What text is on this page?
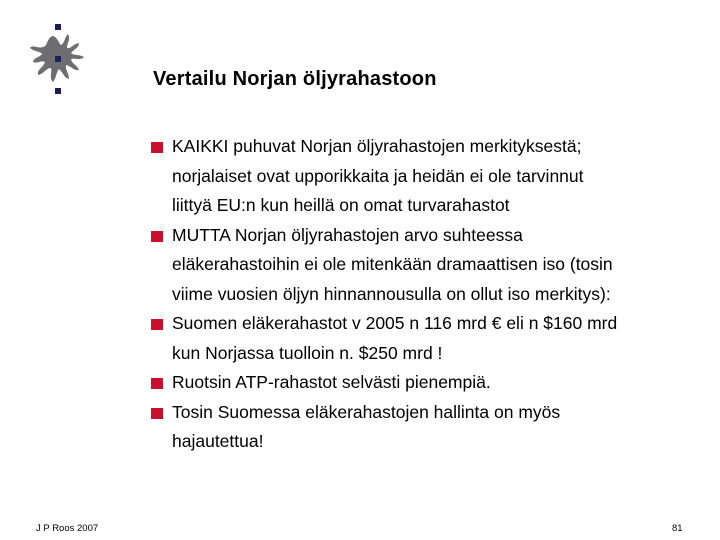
Vertailu Norjan öljyrahastoon
KAIKKI puhuvat Norjan öljyrahastojen merkityksestä;
norjalaiset ovat upporikkaita ja heidän ei ole tarvinnut
liittyä EU:n kun heillä on omat turvarahastot
MUTTA Norjan öljyrahastojen arvo suhteessa
eläkerahastoihin ei ole mitenkään dramaattisen iso (tosin
viime vuosien öljyn hinnannousulla on ollut iso merkitys):
Suomen eläkerahastot v 2005 n 116 mrd € eli n $160 mrd
kun Norjassa tuolloin n. $250 mrd !
Ruotsin ATP-rahastot selvästi pienempiä.
Tosin Suomessa eläkerahastojen hallinta on myös
hajautettua!
J P Roos 2007	81
